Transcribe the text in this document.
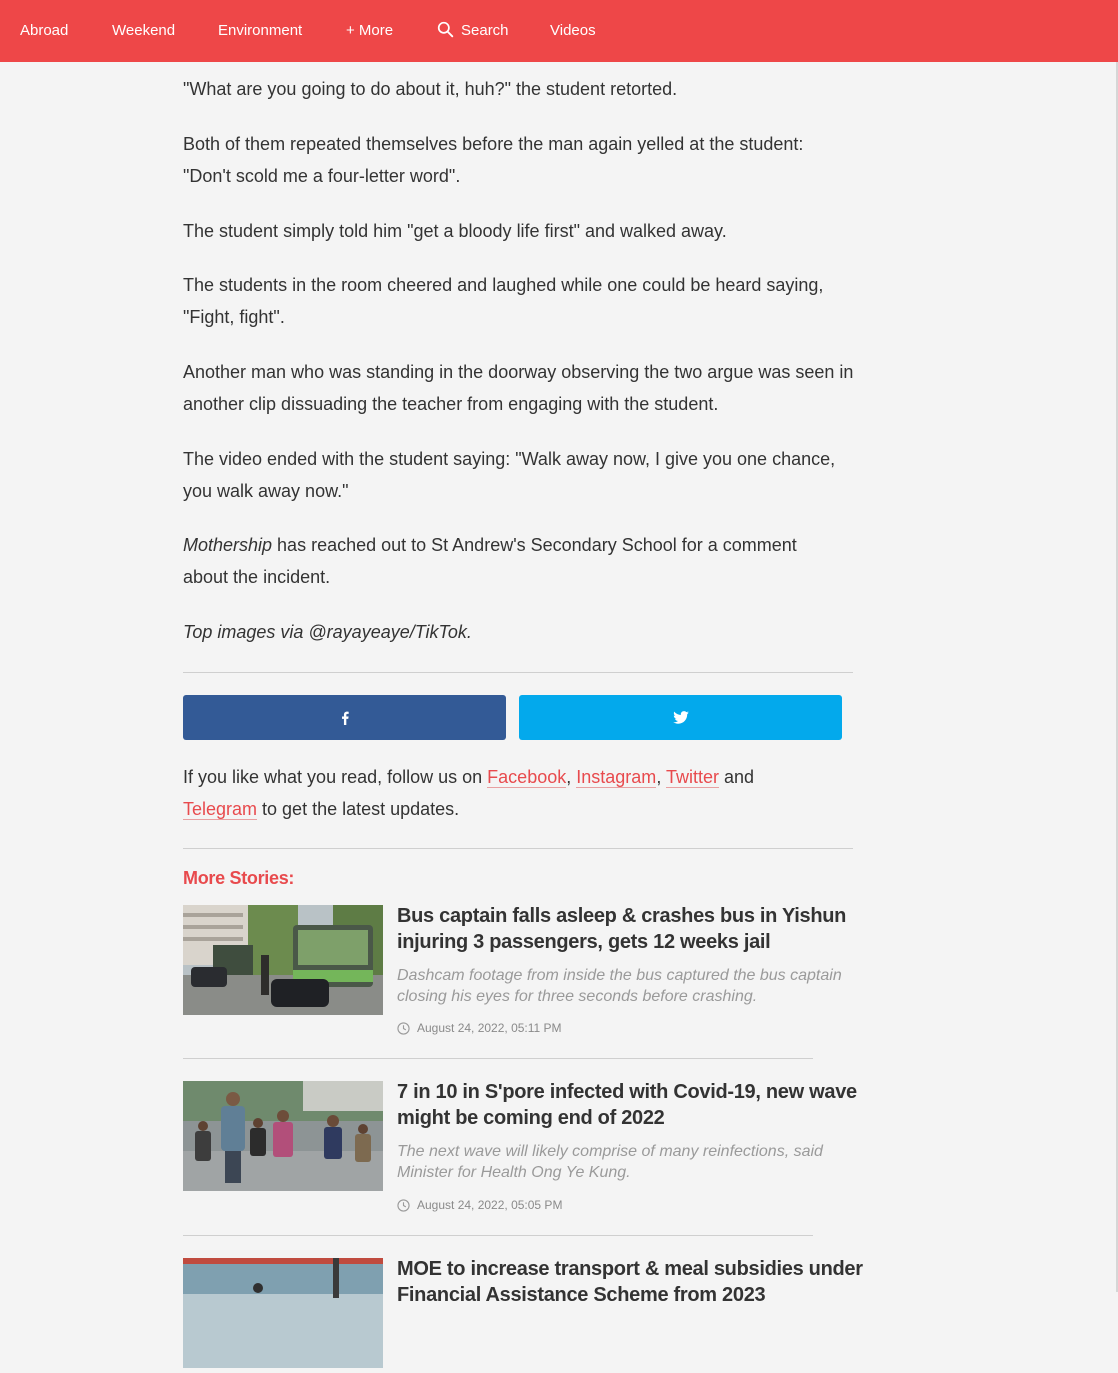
Abroad	Weekend	Environment	+ More	Search	Videos

"What are you going to do about it, huh?" the student retorted.

Both of them repeated themselves before the man again yelled at the student: "Don't scold me a four-letter word".

The student simply told him "get a bloody life first" and walked away.

The students in the room cheered and laughed while one could be heard saying, "Fight, fight".

Another man who was standing in the doorway observing the two argue was seen in another clip dissuading the teacher from engaging with the student.

The video ended with the student saying: "Walk away now, I give you one chance, you walk away now."

Mothership has reached out to St Andrew's Secondary School for a comment about the incident.

Top images via @rayayeaye/TikTok.

If you like what you read, follow us on Facebook, Instagram, Twitter and
Telegram to get the latest updates.

More Stories:
Bus captain falls asleep & crashes bus in Yishun injuring 3 passengers, gets 12 weeks jail

Dashcam footage from inside the bus captured the bus captain closing his eyes for three seconds before crashing.

August 24, 2022, 05:11 PM
7 in 10 in S'pore infected with Covid-19, new wave might be coming end of 2022

The next wave will likely comprise of many reinfections, said Minister for Health Ong Ye Kung.

August 24, 2022, 05:05 PM
MOE to increase transport & meal subsidies under Financial Assistance Scheme from 2023
